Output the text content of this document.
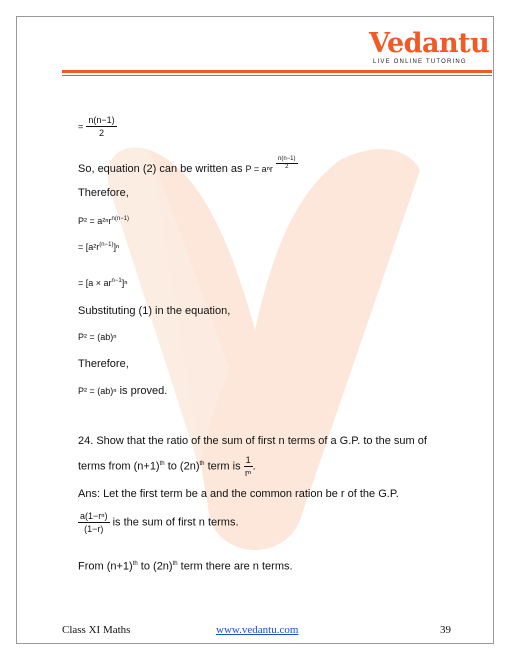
Vedantu
LIVE ONLINE TUTORING
= $\frac{n(n-1)}{2}$
So, equation (2) can be written as P = aⁿr $\frac{n(n-1)}{2}$
Therefore,
P² = a²ⁿr$^{n(n-1)}$
= $[a^2r^{(n-1)}]^n$
= $[a \times ar^{n-1}]^n$
Substituting (1) in the equation,
P² = (ab)ⁿ
Therefore,
P² = (ab)ⁿ is proved.
24. Show that the ratio of the sum of first n terms of a G.P. to the sum of
terms from $(n+1)^{th}$ to $(2n)^{th}$ term is $\frac{1}{\text{rⁿ}}$ .
Ans: Let the first term be a and the common ration be r of the G.P.
$\frac{\text{a(1−rⁿ)}}{(1-r)}$ is the sum of first n terms.
From $(n+1)^{th}$ to $(2n)^{th}$ term there are n terms.
Class XI Maths	www.vedantu.com	39
